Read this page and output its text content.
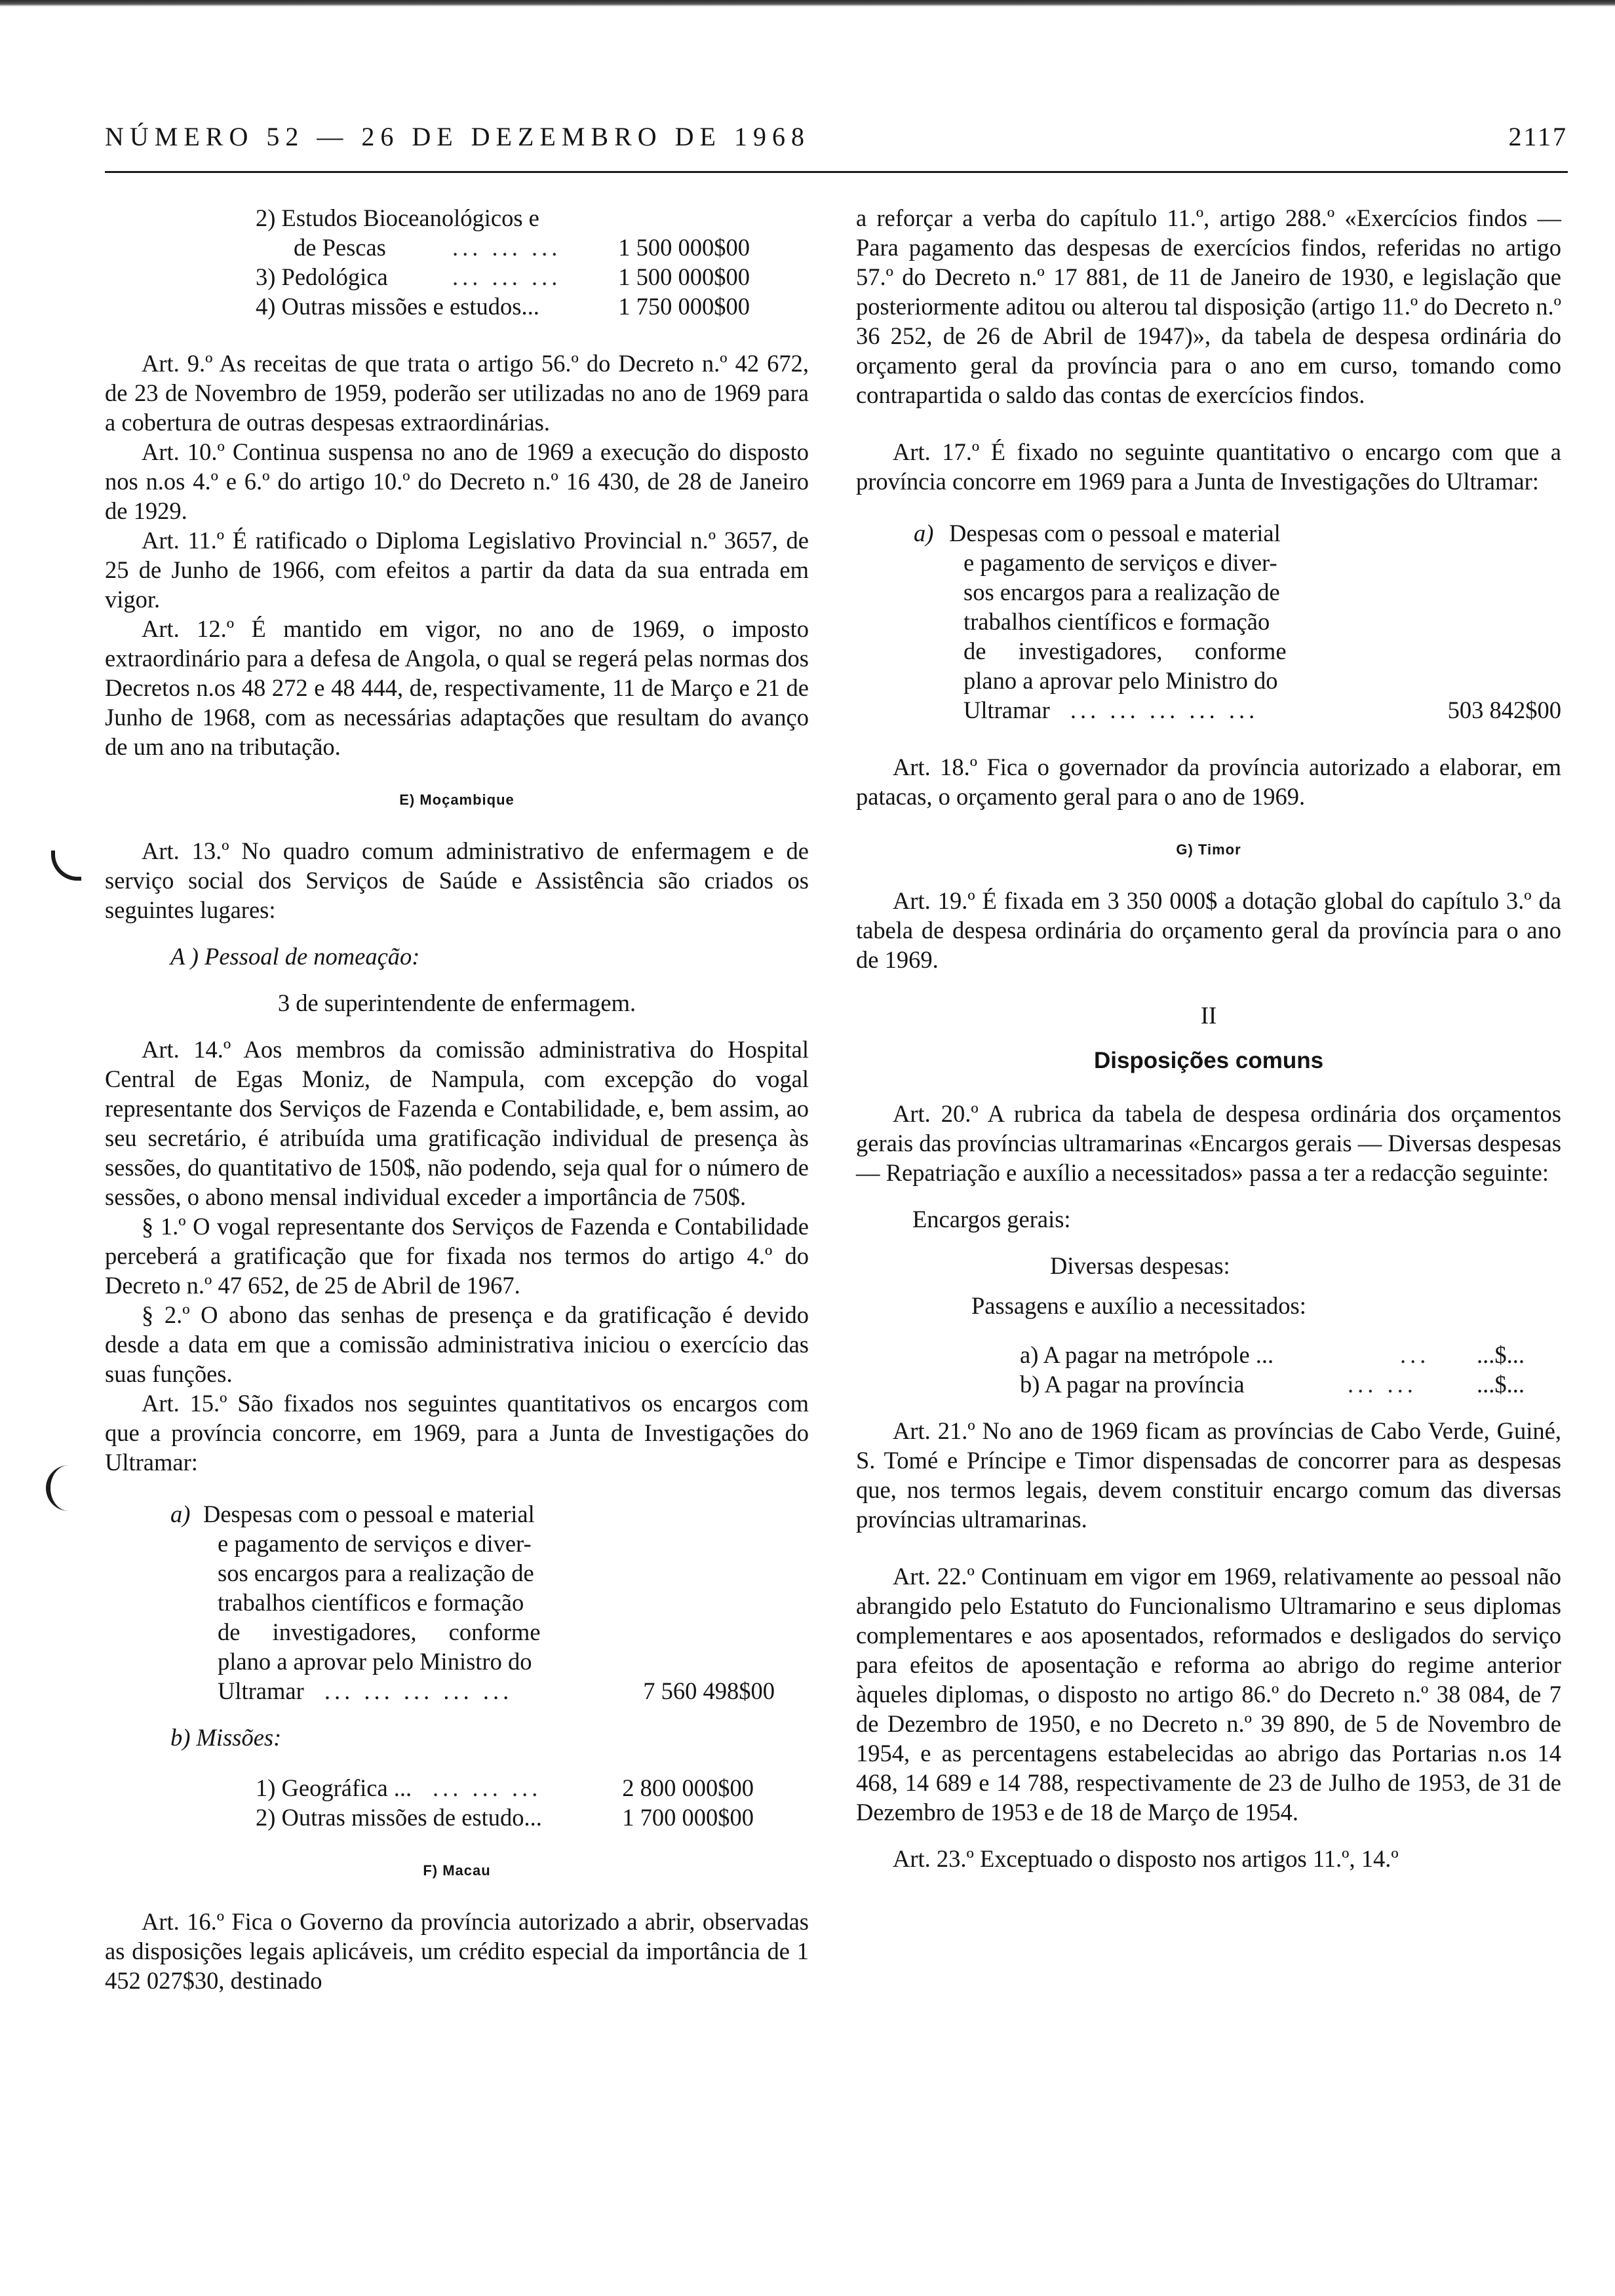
NÚMERO 52 — 26 DE DEZEMBRO DE 1968	2117
2) Estudos Bioceanológicos e
de Pescas	... ... ... 1 500 000$00
3) Pedológica	... ... ... 1 500 000$00
4) Outras missões e estudos...	1 750 000$00

Art. 9.º As receitas de que trata o artigo 56.º do Decreto n.º 42 672, de 23 de Novembro de 1959, poderão ser utilizadas no ano de 1969 para a cobertura de outras despesas extraordinárias.

Art. 10.º Continua suspensa no ano de 1969 a execução do disposto nos n.os 4.º e 6.º do artigo 10.º do Decreto n.º 16 430, de 28 de Janeiro de 1929.

Art. 11.º É ratificado o Diploma Legislativo Provincial n.º 3657, de 25 de Junho de 1966, com efeitos a partir da data da sua entrada em vigor.

Art. 12.º É mantido em vigor, no ano de 1969, o imposto extraordinário para a defesa de Angola, o qual se regerá pelas normas dos Decretos n.os 48 272 e 48 444, de, respectivamente, 11 de Março e 21 de Junho de 1968, com as necessárias adaptações que resultam do avanço de um ano na tributação.

E) Moçambique

Art. 13.º No quadro comum administrativo de enfermagem e de serviço social dos Serviços de Saúde e Assistência são criados os seguintes lugares:

A ) Pessoal de nomeação:

3 de superintendente de enfermagem.

Art. 14.º Aos membros da comissão administrativa do Hospital Central de Egas Moniz, de Nampula, com excepção do vogal representante dos Serviços de Fazenda e Contabilidade, e, bem assim, ao seu secretário, é atribuída uma gratificação individual de presença às sessões, do quantitativo de 150$, não podendo, seja qual for o número de sessões, o abono mensal individual exceder a importância de 750$.

§ 1.º O vogal representante dos Serviços de Fazenda e Contabilidade perceberá a gratificação que for fixada nos termos do artigo 4.º do Decreto n.º 47 652, de 25 de Abril de 1967.

§ 2.º O abono das senhas de presença e da gratificação é devido desde a data em que a comissão administrativa iniciou o exercício das suas funções.

Art. 15.º São fixados nos seguintes quantitativos os encargos com que a província concorre, em 1969, para a Junta de Investigações do Ultramar:

a) Despesas com o pessoal e material
e pagamento de serviços e diver-
sos encargos para a realização de
trabalhos científicos e formação
de investigadores, conforme
plano a aprovar pelo Ministro do
Ultramar ... ... ... ... ...	7 560 498$00

b) Missões:

1) Geográfica ... ... ... ...	2 800 000$00
2) Outras missões de estudo...	1 700 000$00
F) Macau

Art. 16.º Fica o Governo da província autorizado a abrir, observadas as disposições legais aplicáveis, um crédito especial da importância de 1 452 027$30, destinado

a reforçar a verba do capítulo 11.º, artigo 288.º «Exercícios findos — Para pagamento das despesas de exercícios findos, referidas no artigo 57.º do Decreto n.º 17 881, de 11 de Janeiro de 1930, e legislação que posteriormente aditou ou alterou tal disposição (artigo 11.º do Decreto n.º 36 252, de 26 de Abril de 1947)», da tabela de despesa ordinária do orçamento geral da província para o ano em curso, tomando como contrapartida o saldo das contas de exercícios findos.

Art. 17.º É fixado no seguinte quantitativo o encargo com que a província concorre em 1969 para a Junta de Investigações do Ultramar:

a) Despesas com o pessoal e material
e pagamento de serviços e diver-
sos encargos para a realização de
trabalhos científicos e formação
de investigadores, conforme
plano a aprovar pelo Ministro do
Ultramar ... ... ... ... ...	503 842$00

Art. 18.º Fica o governador da província autorizado a elaborar, em patacas, o orçamento geral para o ano de 1969.

G) Timor

Art. 19.º É fixada em 3 350 000$ a dotação global do capítulo 3.º da tabela de despesa ordinária do orçamento geral da província para o ano de 1969.

II
Disposições comuns

Art. 20.º A rubrica da tabela de despesa ordinária dos orçamentos gerais das províncias ultramarinas «Encargos gerais — Diversas despesas — Repatriação e auxílio a necessitados» passa a ter a redacção seguinte:

Encargos gerais:

Diversas despesas:

Passagens e auxílio a necessitados:

a) A pagar na metrópole ...	... ...$...
b) A pagar na província	... ... ...$...

Art. 21.º No ano de 1969 ficam as províncias de Cabo Verde, Guiné, S. Tomé e Príncipe e Timor dispensadas de concorrer para as despesas que, nos termos legais, devem constituir encargo comum das diversas províncias ultramarinas.

Art. 22.º Continuam em vigor em 1969, relativamente ao pessoal não abrangido pelo Estatuto do Funcionalismo Ultramarino e seus diplomas complementares e aos aposentados, reformados e desligados do serviço para efeitos de aposentação e reforma ao abrigo do regime anterior àqueles diplomas, o disposto no artigo 86.º do Decreto n.º 38 084, de 7 de Dezembro de 1950, e no Decreto n.º 39 890, de 5 de Novembro de 1954, e as percentagens estabelecidas ao abrigo das Portarias n.os 14 468, 14 689 e 14 788, respectivamente de 23 de Julho de 1953, de 31 de Dezembro de 1953 e de 18 de Março de 1954.

Art. 23.º Exceptuado o disposto nos artigos 11.º, 14.º
